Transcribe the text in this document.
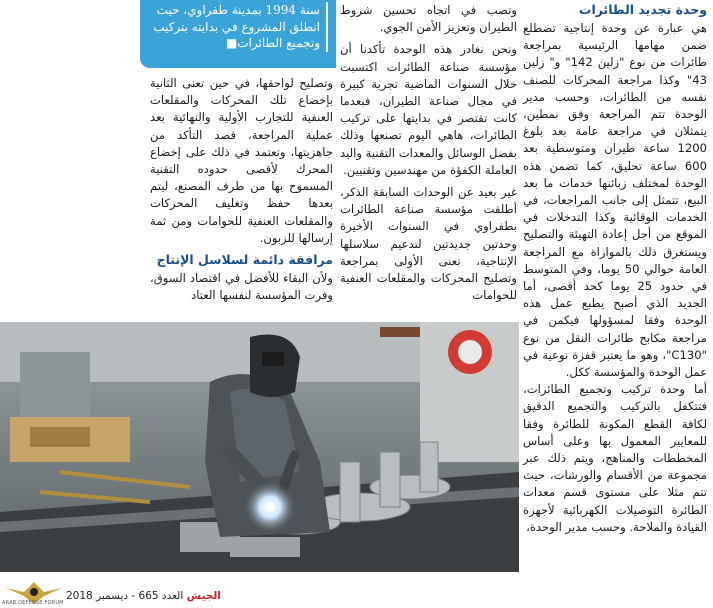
وحدة تجديد الطائرات

هي عبارة عن وحدة إنتاجية تضطلع ضمن مهامها الرئيسية بمراجعة طائرات من نوع "زلين 142" و" زلين 43" وكذا مراجعة المحركات للصنف نفسه من الطائرات، وحسب مدير الوحدة تتم المراجعة وفق نمطين، يتمثلان في مراجعة عامة بعد بلوغ 1200 ساعة طيران ومتوسطية بعد 600 ساعة تحليق، كما تضمن هذه الوحدة لمختلف زبائنها خدمات ما بعد البيع، تتمثل إلى جانب المراجعات، في الخدمات الوقائية وكذا التدخلات في الموقع من أجل إعادة التهيئة والتصليح ويستغرق ذلك بالموازاة مع المراجعة العامة حوالي 50 يوما، وفي المتوسط في حدود 25 يوما كحد أقصى، أما الجديد الذي أصبح يطبع عمل هذه الوحدة وفقا لمسؤولها فيكمن في مراجعة مكابح طائرات النقل من نوع "C130"، وهو ما يعتبر قفزة نوعية في عمل الوحدة والمؤسسة ككل.

أما وحدة تركيب وتجميع الطائرات، فتتكفل بالتركيب والتجميع الدقيق لكافة القطع المكونة للطائرة وفقا للمعايير المعمول بها وعلى أساس المخططات والمناهج، ويتم ذلك عبر مجموعة من الأقسام والورشات، حيث تتم مثلا على مستوى قسم معدات الطائرة التوصيلات الكهربائية لأجهزة القيادة والملاحة. وحسب مدير الوحدة،

وتصب في اتجاه تحسين شروط الطيران وتعزيز الأمن الجوي.

ونحن نغادر هذه الوحدة تأكدنا أن مؤسسة صناعة الطائرات اكتسبت خلال السنوات الماضية تجربة كبيرة في مجال صناعة الطيران، فبعدما كانت تقتصر في بدايتها على تركيب الطائرات، هاهي اليوم تصنعها وذلك بفضل الوسائل والمعدات التقنية واليد العاملة الكفؤة من مهندسين وتقنيين.

غير بعيد عن الوحدات السابقة الذكر، أطلقت مؤسسة صناعة الطائرات بطفراوي في السنوات الأخيرة وحدتين جديدتين لتدعيم سلاسلها الإنتاجية، تعنى الأولى بمراجعة وتصليح المحركات والمقلعات العنفية للحوامات

سنة 1994 بمدينة طفراوي، حيث انطلق المشروع في بدايته بتركيب وتجميع الطائرات■

وتصليح لواحقها، في حين تعنى الثانية بإخضاع تلك المحركات والمقلعات العنفية للتجارب الأولية والنهائية بعد عملية المراجعة، قصد التأكد من جاهزيتها، وتعتمد في ذلك على إخضاع المحرك لأقصى حدوده التقنية المسموح بها من طرف المصنع، ليتم بعدها حفظ وتغليف المحركات والمقلعات العنفية للحوامات ومن ثمة إرسالها للزبون.

مرافقة دائمة لسلاسل الإنتاج

ولأن البقاء للأفضل في اقتصاد السوق، وفرت المؤسسة لنفسها العتاد

الجيش العدد 665 - ديسمبر 2018
ARAB DEFENSE FORUM
